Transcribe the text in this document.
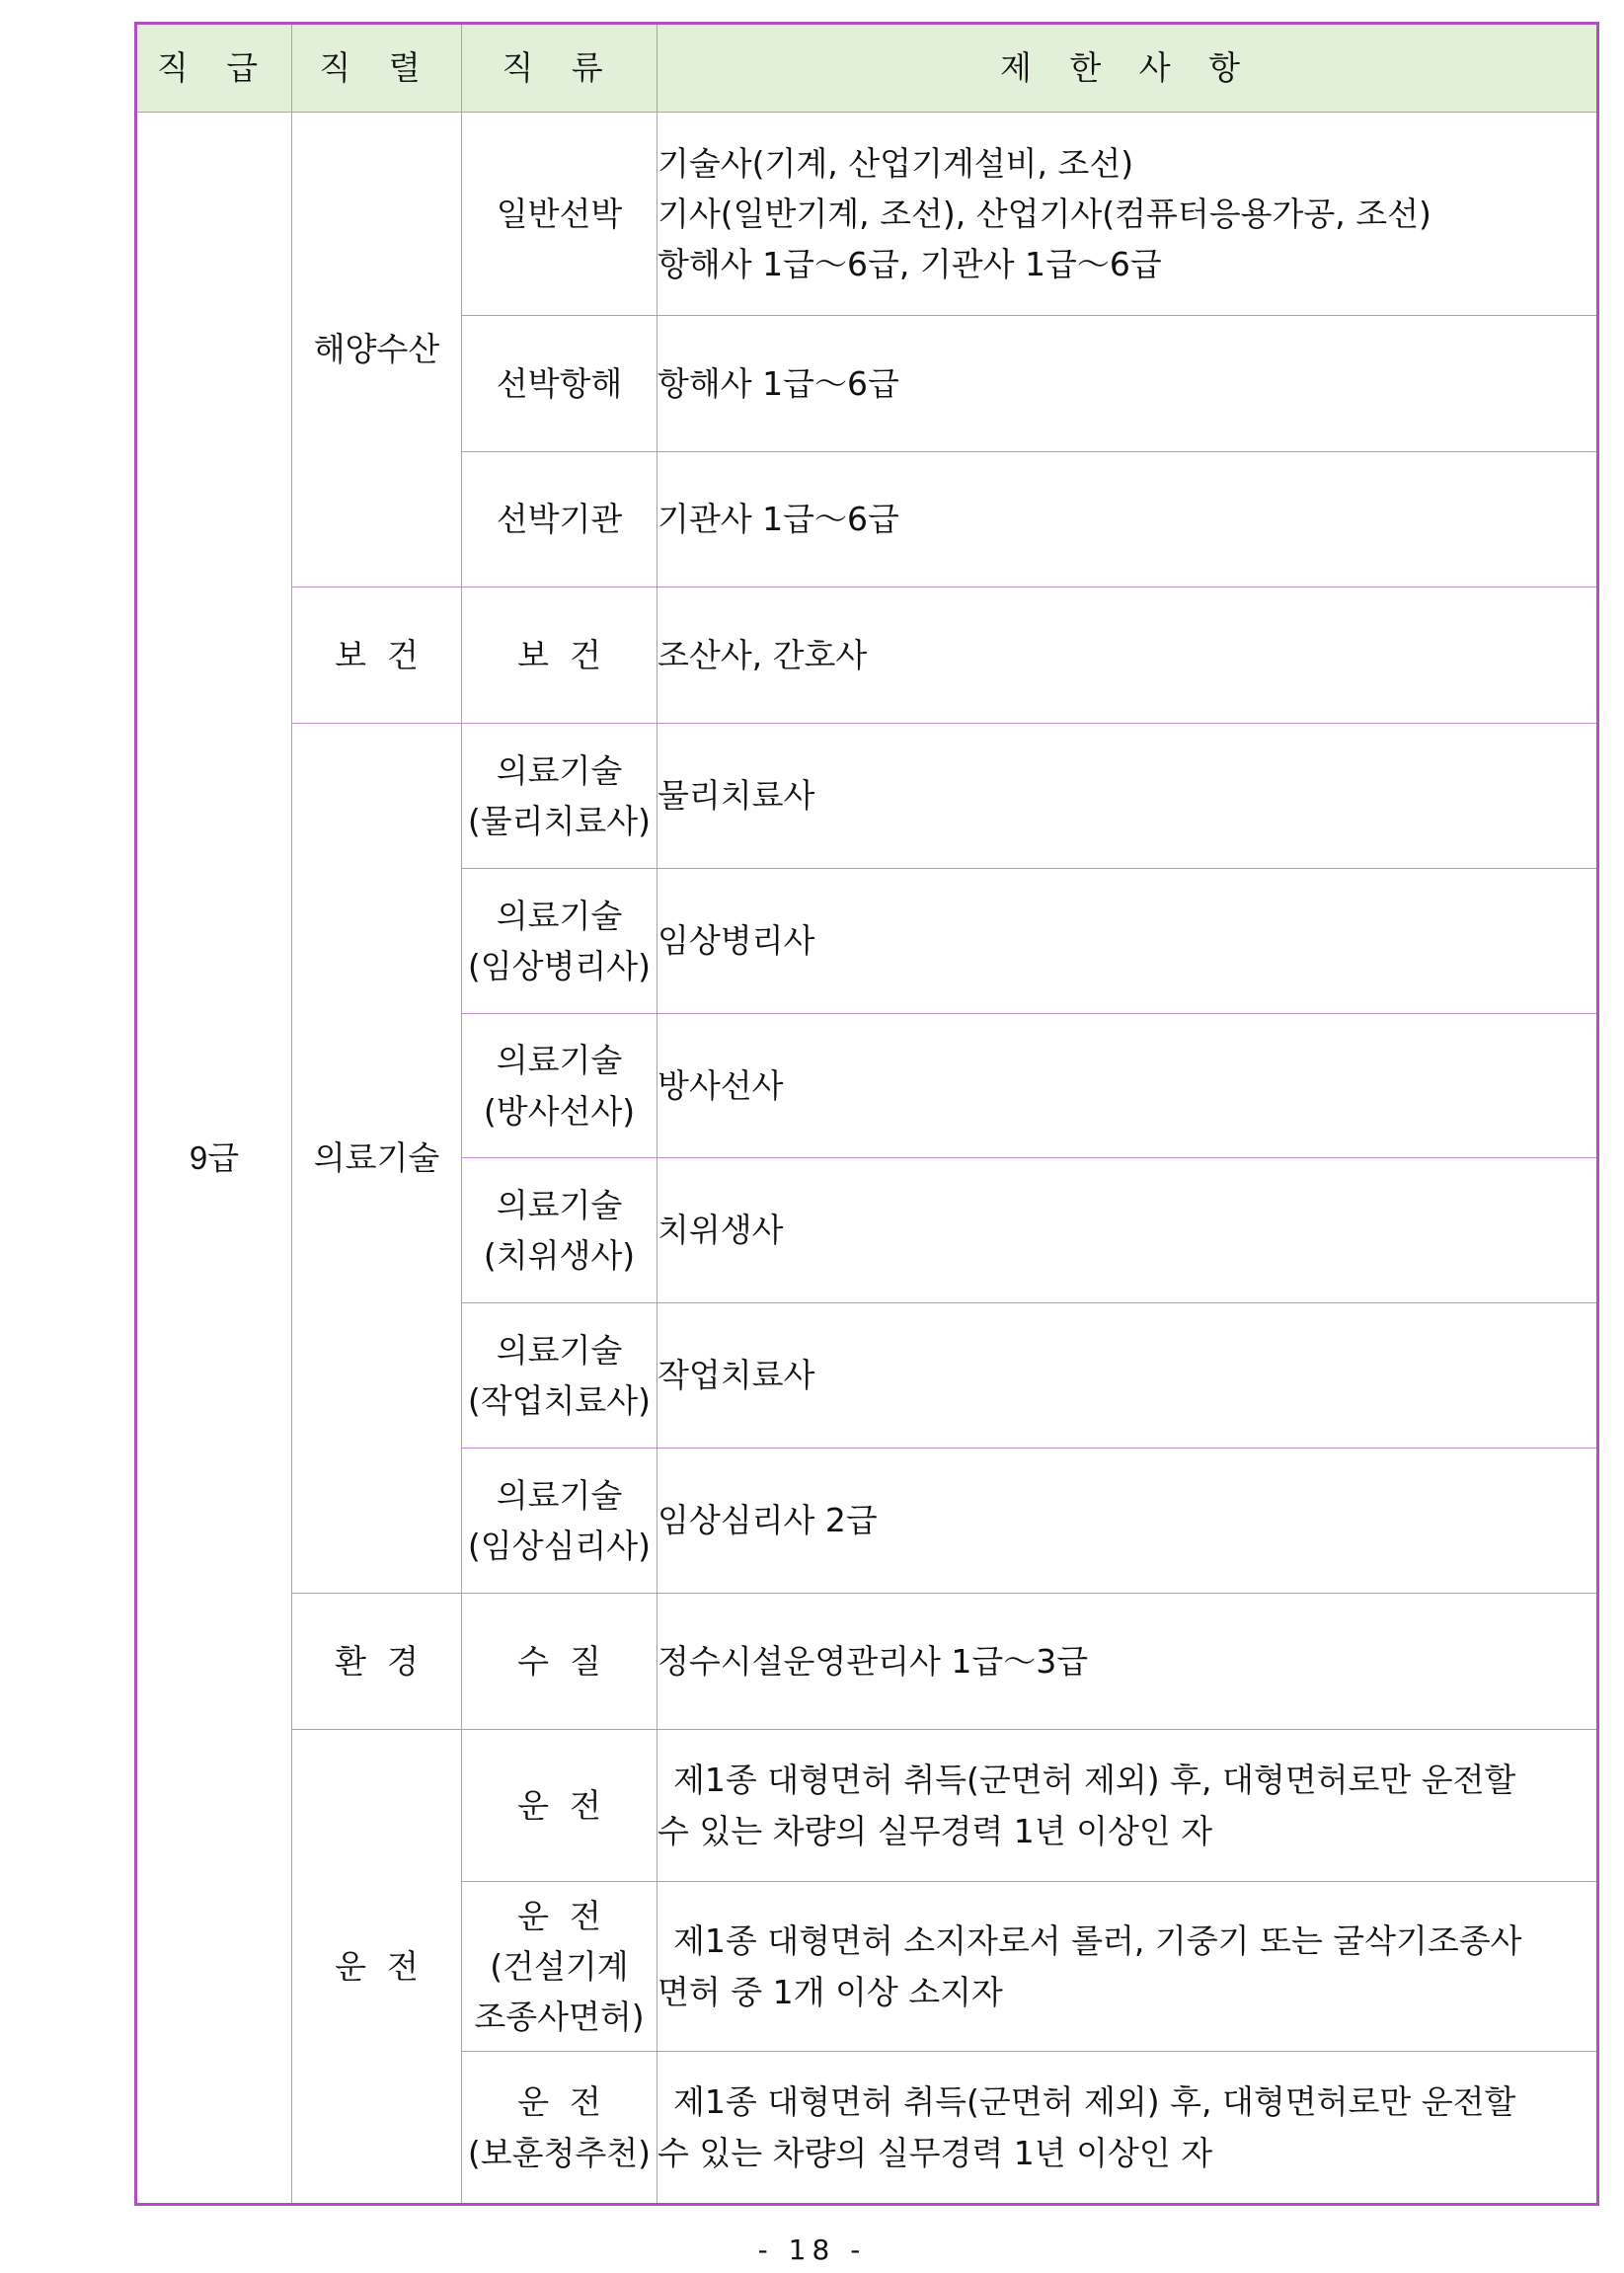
직 급	직 렬	직 류	제 한 사 항
9급	해양수산	일반선박	기술사(기계, 산업기계설비, 조선)
기사(일반기계, 조선), 산업기사(컴퓨터응용가공, 조선)
항해사 1급～6급, 기관사 1급～6급

		선박항해	항해사 1급～6급

		선박기관	기관사 1급～6급

	보  건	보  건	조산사, 간호사

	의료기술	의료기술
(물리치료사)	물리치료사

		의료기술
(임상병리사)	임상병리사

		의료기술
(방사선사)	방사선사

		의료기술
(치위생사)	치위생사

		의료기술
(작업치료사)	작업치료사

		의료기술
(임상심리사)	임상심리사 2급

	환  경	수  질	정수시설운영관리사 1급～3급

	운  전	운  전	제1종 대형면허 취득(군면허 제외) 후, 대형면허로만 운전할
수 있는 차량의 실무경력 1년 이상인 자

		운  전
(건설기계
조종사면허)	제1종 대형면허 소지자로서 롤러, 기중기 또는 굴삭기조종사
면허 중 1개 이상 소지자

		운  전
(보훈청추천)	제1종 대형면허 취득(군면허 제외) 후, 대형면허로만 운전할
수 있는 차량의 실무경력 1년 이상인 자
- 18 -
